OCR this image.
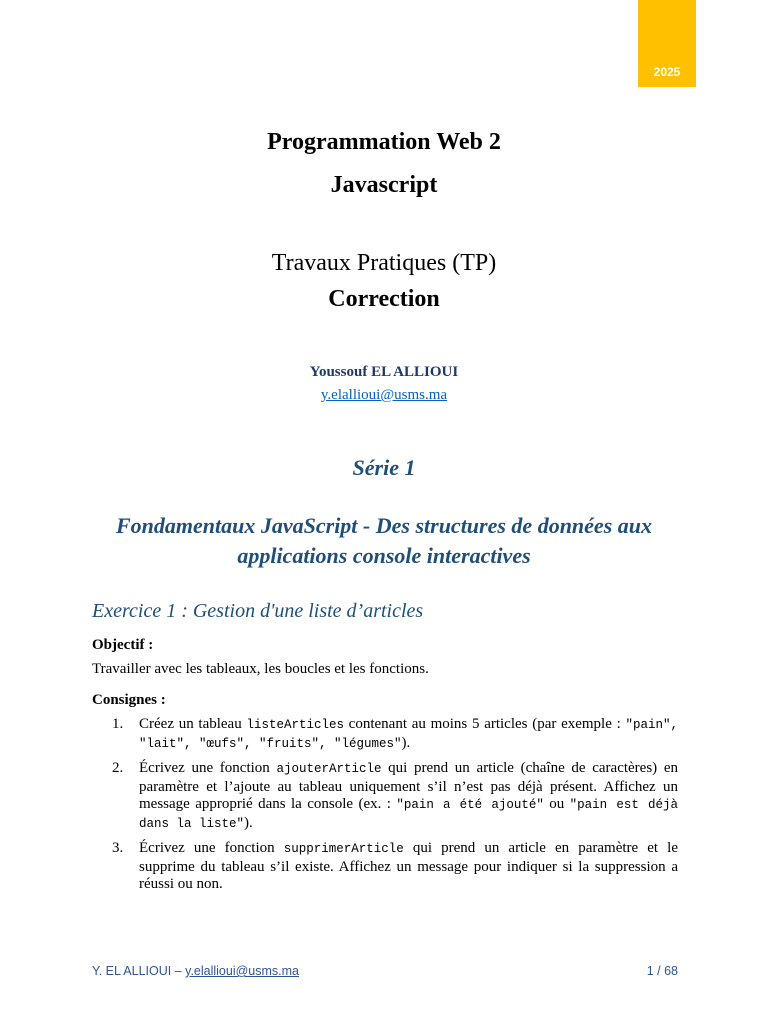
2025
Programmation Web 2
Javascript
Travaux Pratiques (TP)
Correction
Youssouf EL ALLIOUI
y.elallioui@usms.ma
Série 1
Fondamentaux JavaScript - Des structures de données aux
applications console interactives
Exercice 1 : Gestion d'une liste d’articles
Objectif :
Travailler avec les tableaux, les boucles et les fonctions.
Consignes :
1. Créez un tableau listeArticles contenant au moins 5 articles (par exemple : "pain", "lait", "œufs", "fruits", "légumes").
2. Écrivez une fonction ajouterArticle qui prend un article (chaîne de caractères) en paramètre et l’ajoute au tableau uniquement s’il n’est pas déjà présent. Affichez un message approprié dans la console (ex. : "pain a été ajouté" ou "pain est déjà dans la liste").
3. Écrivez une fonction supprimerArticle qui prend un article en paramètre et le supprime du tableau s’il existe. Affichez un message pour indiquer si la suppression a réussi ou non.
Y. EL ALLIOUI – y.elallioui@usms.ma	1 / 68
